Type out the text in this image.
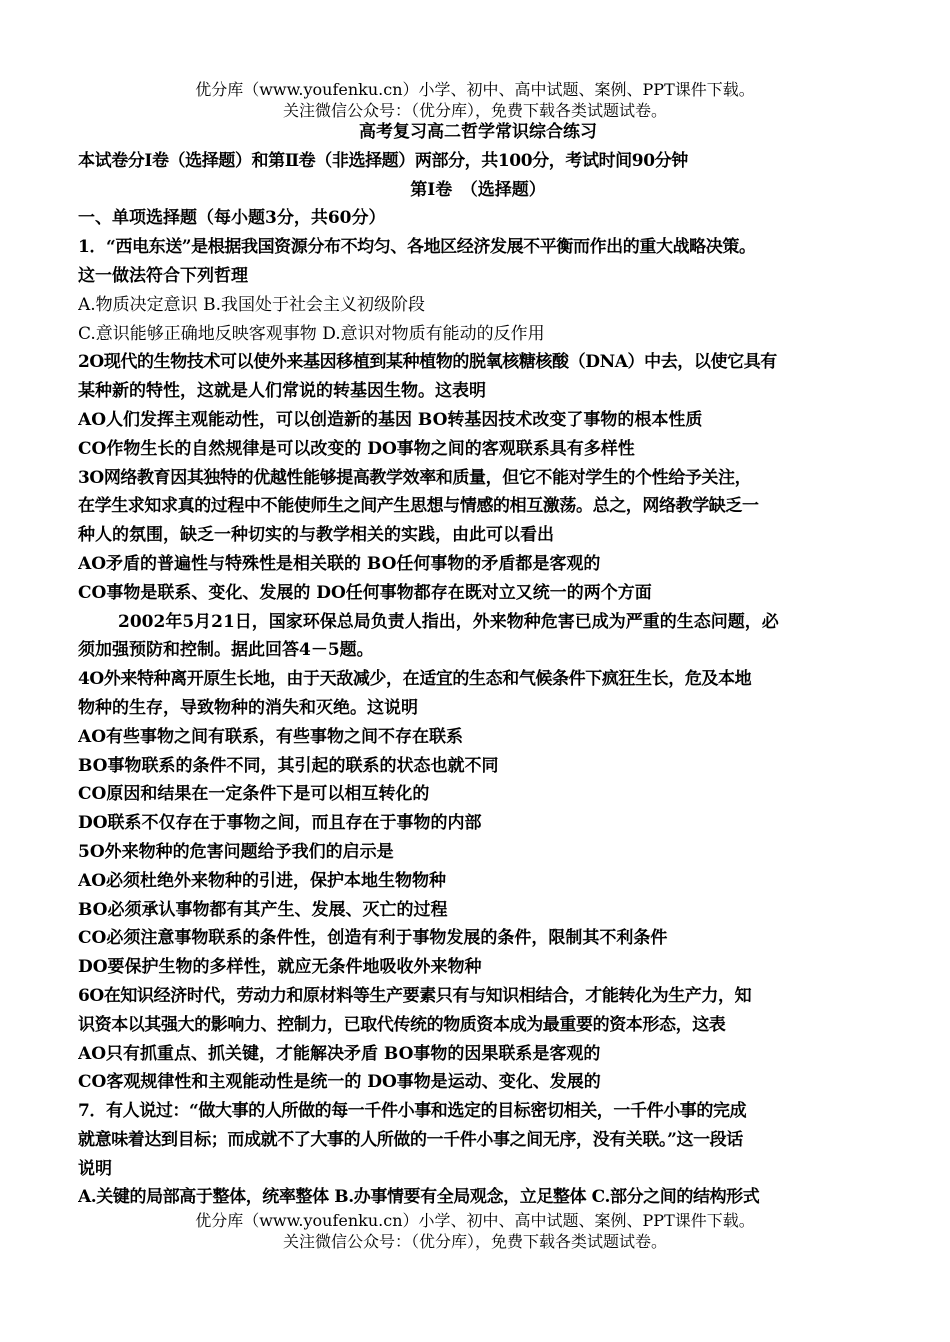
优分库（www.youfenku.cn）小学、初中、高中试题、案例、PPT课件下载。
关注微信公众号：（优分库），免费下载各类试题试卷。
高考复习高二哲学常识综合练习
本试卷分Ⅰ卷（选择题）和第Ⅱ卷（非选择题）两部分，共100分，考试时间90分钟
第Ⅰ卷　（选择题）
一、单项选择题（每小题3分，共60分）
1．“西电东送”是根据我国资源分布不均匀、各地区经济发展不平衡而作出的重大战略决策。
这一做法符合下列哲理
A.物质决定意识 B.我国处于社会主义初级阶段
C.意识能够正确地反映客观事物 D.意识对物质有能动的反作用
2O现代的生物技术可以使外来基因移植到某种植物的脱氧核糖核酸（DNA）中去，以使它具有
某种新的特性，这就是人们常说的转基因生物。这表明
AO人们发挥主观能动性，可以创造新的基因 BO转基因技术改变了事物的根本性质
CO作物生长的自然规律是可以改变的 DO事物之间的客观联系具有多样性
3O网络教育因其独特的优越性能够提高教学效率和质量，但它不能对学生的个性给予关注，
在学生求知求真的过程中不能使师生之间产生思想与情感的相互激荡。总之，网络教学缺乏一
种人的氛围，缺乏一种切实的与教学相关的实践，由此可以看出
AO矛盾的普遍性与特殊性是相关联的 BO任何事物的矛盾都是客观的
CO事物是联系、变化、发展的 DO任何事物都存在既对立又统一的两个方面
2002年5月21日，国家环保总局负责人指出，外来物种危害已成为严重的生态问题，必
须加强预防和控制。据此回答4－5题。
4O外来特种离开原生长地，由于天敌减少，在适宜的生态和气候条件下疯狂生长，危及本地
物种的生存，导致物种的消失和灭绝。这说明
AO有些事物之间有联系，有些事物之间不存在联系
BO事物联系的条件不同，其引起的联系的状态也就不同
CO原因和结果在一定条件下是可以相互转化的
DO联系不仅存在于事物之间，而且存在于事物的内部
5O外来物种的危害问题给予我们的启示是
AO必须杜绝外来物种的引进，保护本地生物物种
BO必须承认事物都有其产生、发展、灭亡的过程
CO必须注意事物联系的条件性，创造有利于事物发展的条件，限制其不利条件
DO要保护生物的多样性，就应无条件地吸收外来物种
6O在知识经济时代，劳动力和原材料等生产要素只有与知识相结合，才能转化为生产力，知
识资本以其强大的影响力、控制力，已取代传统的物质资本成为最重要的资本形态，这表
AO只有抓重点、抓关键，才能解决矛盾 BO事物的因果联系是客观的
CO客观规律性和主观能动性是统一的 DO事物是运动、变化、发展的
7．有人说过：“做大事的人所做的每一千件小事和选定的目标密切相关，一千件小事的完成
就意味着达到目标；而成就不了大事的人所做的一千件小事之间无序，没有关联。”这一段话
说明
A.关键的局部高于整体，统率整体 B.办事情要有全局观念，立足整体 C.部分之间的结构形式
优分库（www.youfenku.cn）小学、初中、高中试题、案例、PPT课件下载。
关注微信公众号：（优分库），免费下载各类试题试卷。
